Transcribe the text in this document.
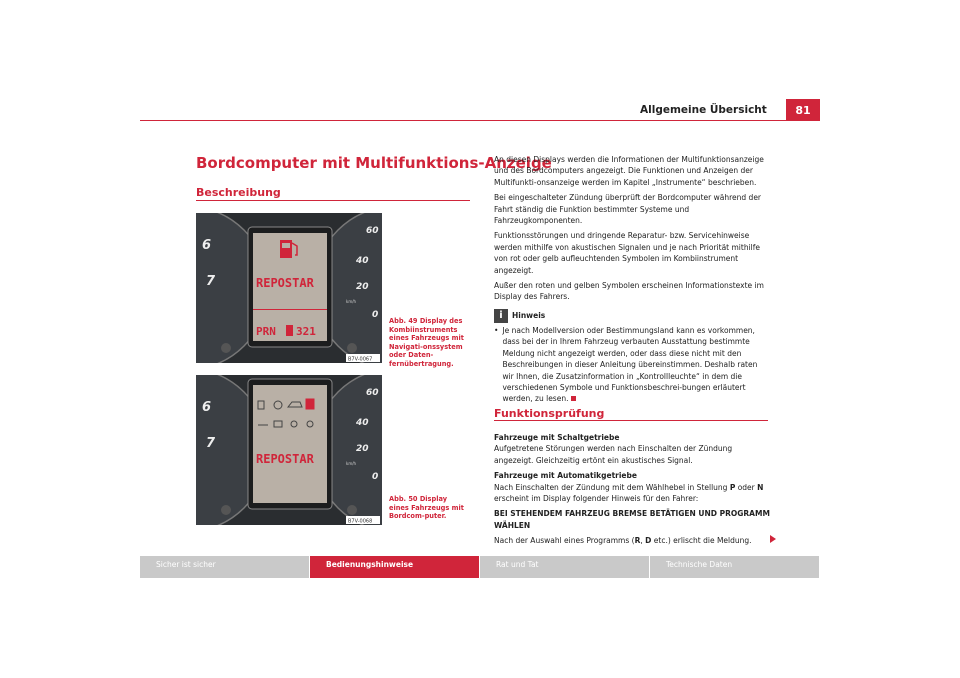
Allgemeine Übersicht	81
Bordcomputer mit Multifunktions-Anzeige
Beschreibung
6
7
60
40
20
0
km/h
REPOSTAR
PRN 321
B7V-0067
Abb. 49 Display des Kombiinstruments eines Fahrzeugs mit Navigati-onssystem oder Daten-fernübertragung.
6
7
60
40
20
0
km/h
REPOSTAR
B7V-0068
Abb. 50 Display eines Fahrzeugs mit Bordcom-puter.

An diesen Displays werden die Informationen der Multifunktionsanzeige und des Bordcomputers angezeigt. Die Funktionen und Anzeigen der Multifunkti-onsanzeige werden im Kapitel „Instrumente“ beschrieben.

Bei eingeschalteter Zündung überprüft der Bordcomputer während der Fahrt ständig die Funktion bestimmter Systeme und Fahrzeugkomponenten.

Funktionsstörungen und dringende Reparatur- bzw. Servicehinweise werden mithilfe von akustischen Signalen und je nach Priorität mithilfe von rot oder gelb aufleuchtenden Symbolen im Kombiinstrument angezeigt.

Außer den roten und gelben Symbolen erscheinen Informationstexte im Display des Fahrers.

i	Hinweis
• Je nach Modellversion oder Bestimmungsland kann es vorkommen, dass bei der in Ihrem Fahrzeug verbauten Ausstattung bestimmte Meldung nicht angezeigt werden, oder dass diese nicht mit den Beschreibungen in dieser Anleitung übereinstimmen. Deshalb raten wir Ihnen, die Zusatzinformation in „Kontrollleuchte“ in dem die verschiedenen Symbole und Funktionsbeschrei-bungen erläutert werden, zu lesen.
Funktionsprüfung

Fahrzeuge mit Schaltgetriebe

Aufgetretene Störungen werden nach Einschalten der Zündung angezeigt. Gleichzeitig ertönt ein akustisches Signal.

Fahrzeuge mit Automatikgetriebe

Nach Einschalten der Zündung mit dem Wählhebel in Stellung P oder N erscheint im Display folgender Hinweis für den Fahrer:

BEI STEHENDEM FAHRZEUG BREMSE BETÄTIGEN UND PROGRAMM WÄHLEN

Nach der Auswahl eines Programms (R, D etc.) erlischt die Meldung.

Sicher ist sicher	Bedienungshinweise	Rat und Tat	Technische Daten
